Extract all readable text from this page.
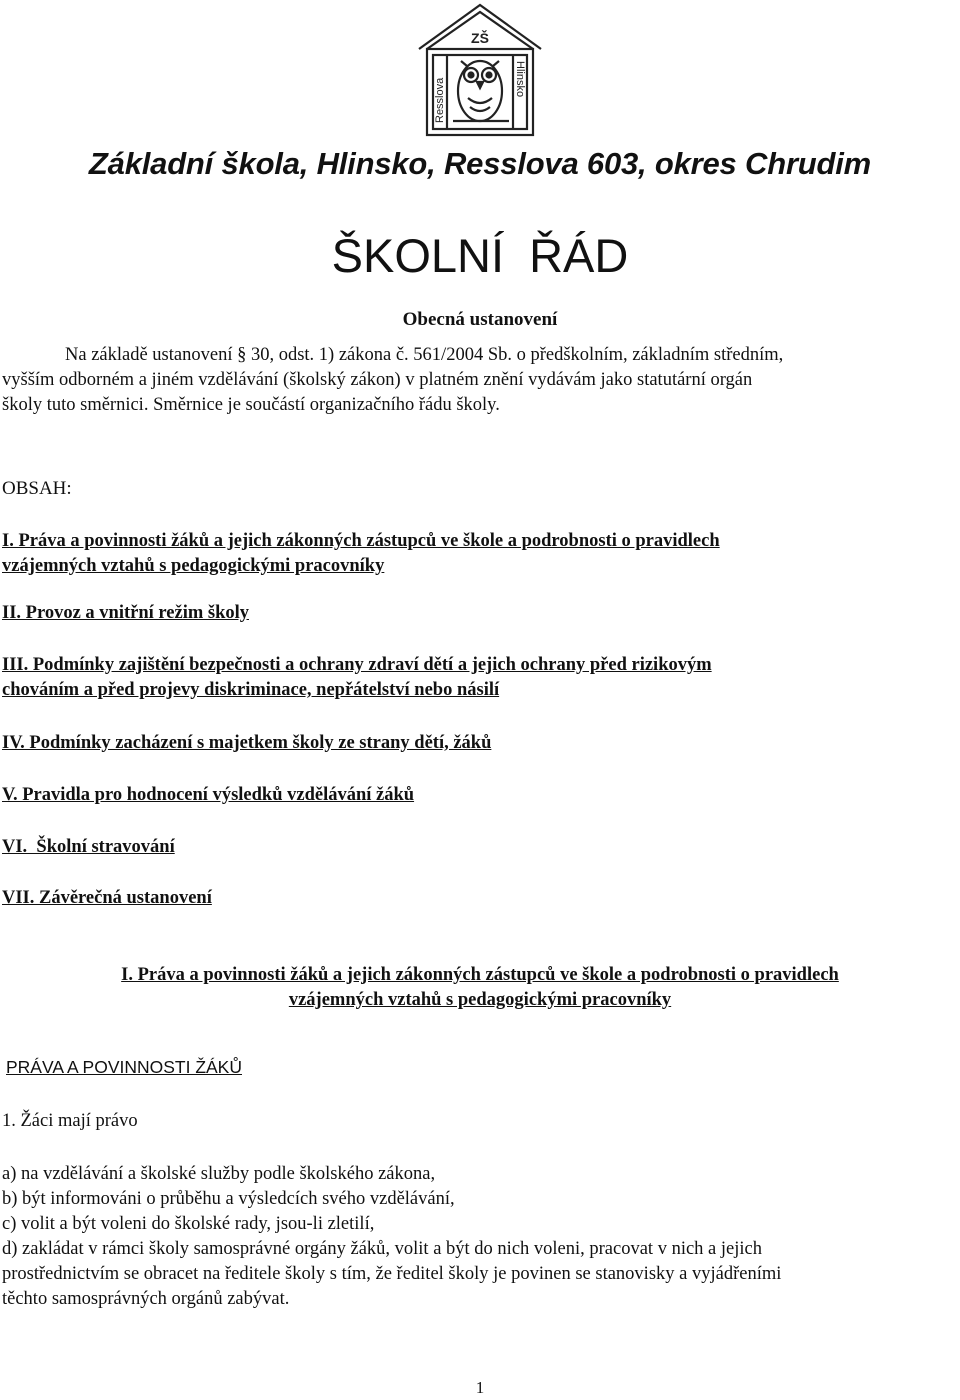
ZŠ
Resslova	Hlinsko
Základní škola, Hlinsko, Resslova 603, okres Chrudim
ŠKOLNÍ ŘÁD
Obecná ustanovení
Na základě ustanovení § 30, odst. 1) zákona č. 561/2004 Sb. o předškolním, základním středním,
vyšším odborném a jiném vzdělávání (školský zákon) v platném znění vydávám jako statutární orgán
školy tuto směrnici. Směrnice je součástí organizačního řádu školy.
OBSAH:
I. Práva a povinnosti žáků a jejich zákonných zástupců ve škole a podrobnosti o pravidlech
vzájemných vztahů s pedagogickými pracovníky
II. Provoz a vnitřní režim školy
III. Podmínky zajištění bezpečnosti a ochrany zdraví dětí a jejich ochrany před rizikovým
chováním a před projevy diskriminace, nepřátelství nebo násilí
IV. Podmínky zacházení s majetkem školy ze strany dětí, žáků
V. Pravidla pro hodnocení výsledků vzdělávání žáků
VI.  Školní stravování
VII. Závěrečná ustanovení
I. Práva a povinnosti žáků a jejich zákonných zástupců ve škole a podrobnosti o pravidlech
vzájemných vztahů s pedagogickými pracovníky
PRÁVA A POVINNOSTI ŽÁKŮ
1. Žáci mají právo
a) na vzdělávání a školské služby podle školského zákona,
b) být informováni o průběhu a výsledcích svého vzdělávání,
c) volit a být voleni do školské rady, jsou-li zletilí,
d) zakládat v rámci školy samosprávné orgány žáků, volit a být do nich voleni, pracovat v nich a jejich
prostřednictvím se obracet na ředitele školy s tím, že ředitel školy je povinen se stanovisky a vyjádřeními
těchto samosprávných orgánů zabývat.
1
